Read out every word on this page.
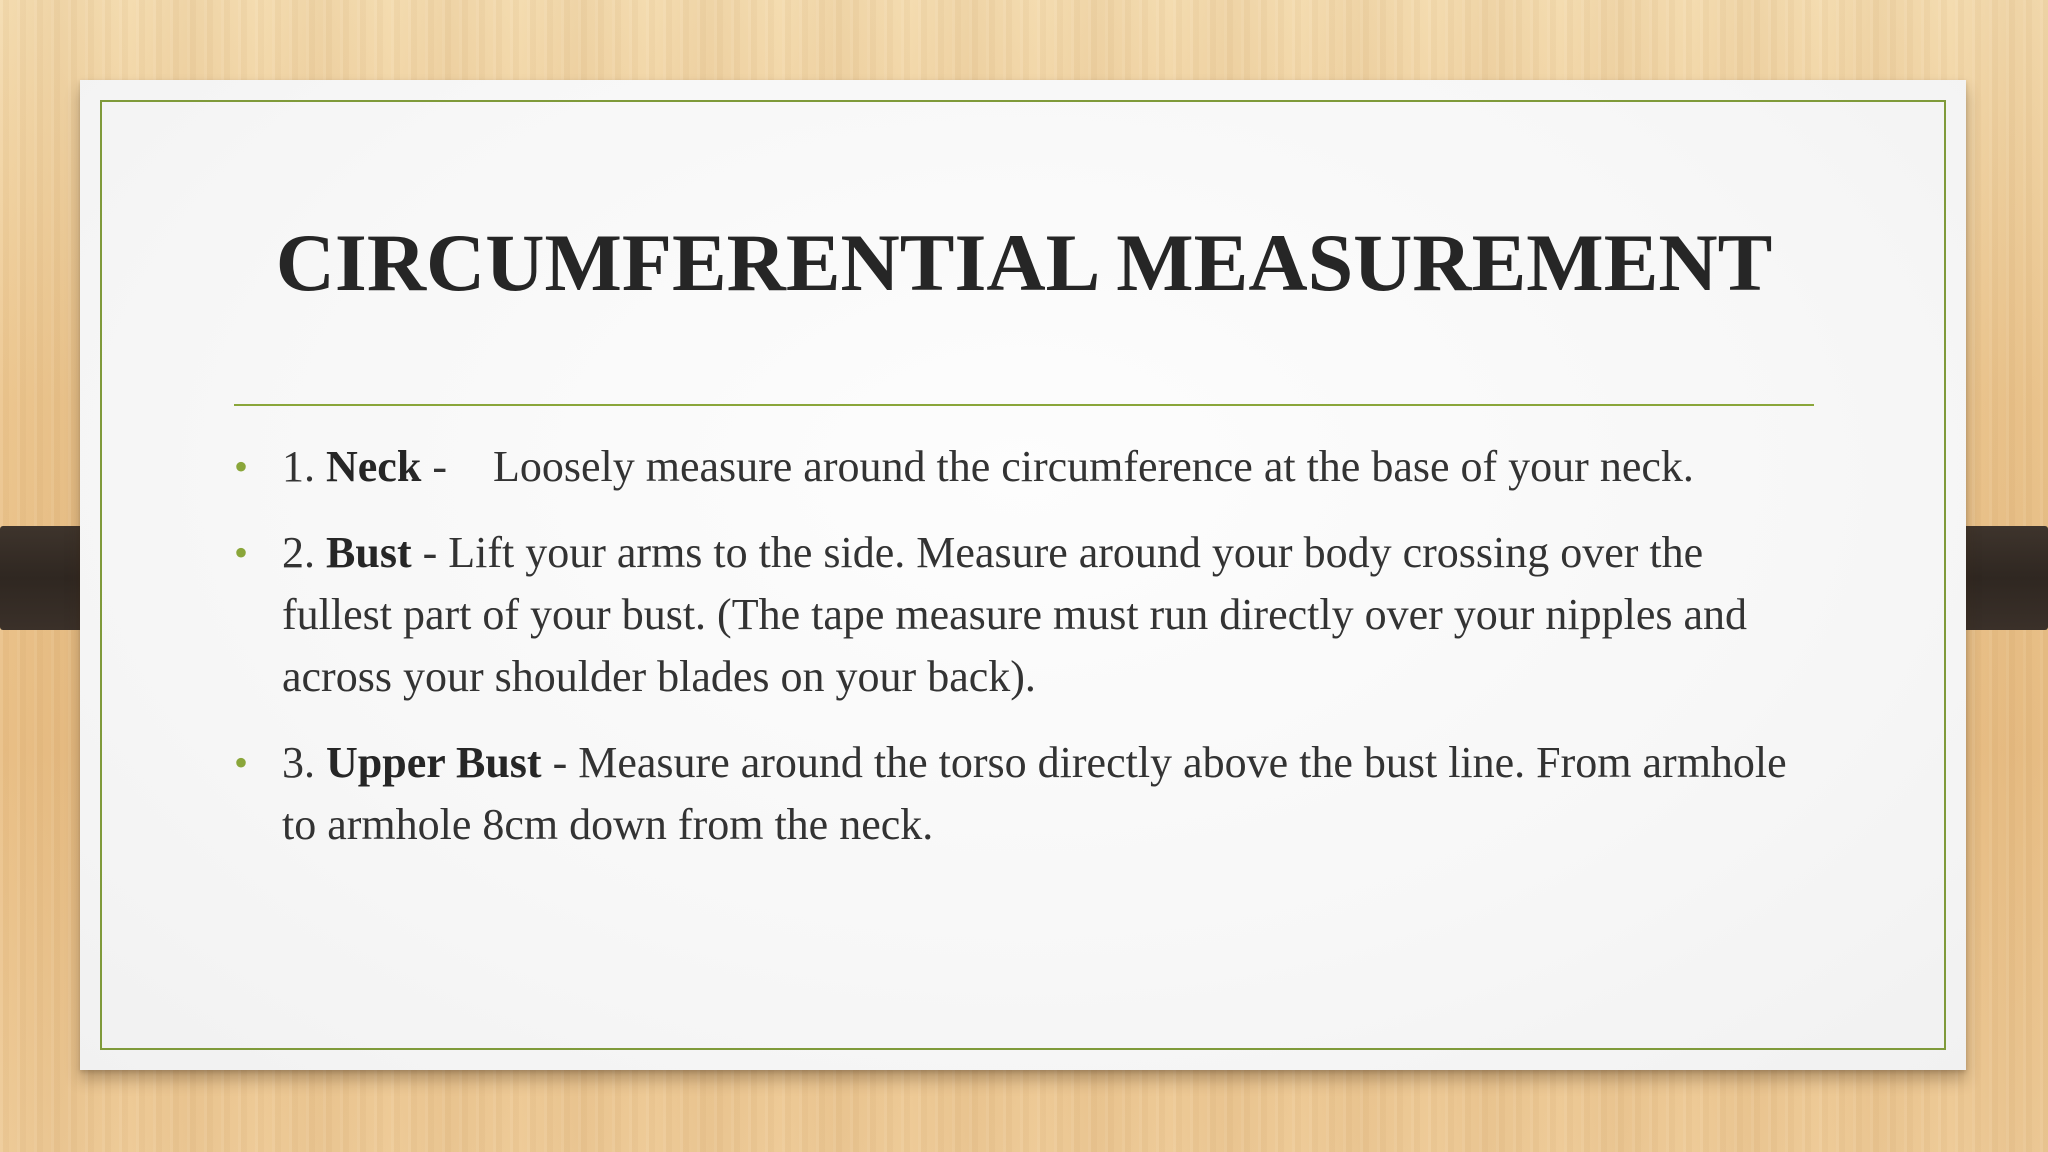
CIRCUMFERENTIAL MEASUREMENT
• 1. Neck - Loosely measure around the circumference at the base of your neck.
• 2. Bust - Lift your arms to the side. Measure around your body crossing over the fullest part of your bust. (The tape measure must run directly over your nipples and across your shoulder blades on your back).
• 3. Upper Bust - Measure around the torso directly above the bust line. From armhole to armhole 8cm down from the neck.
